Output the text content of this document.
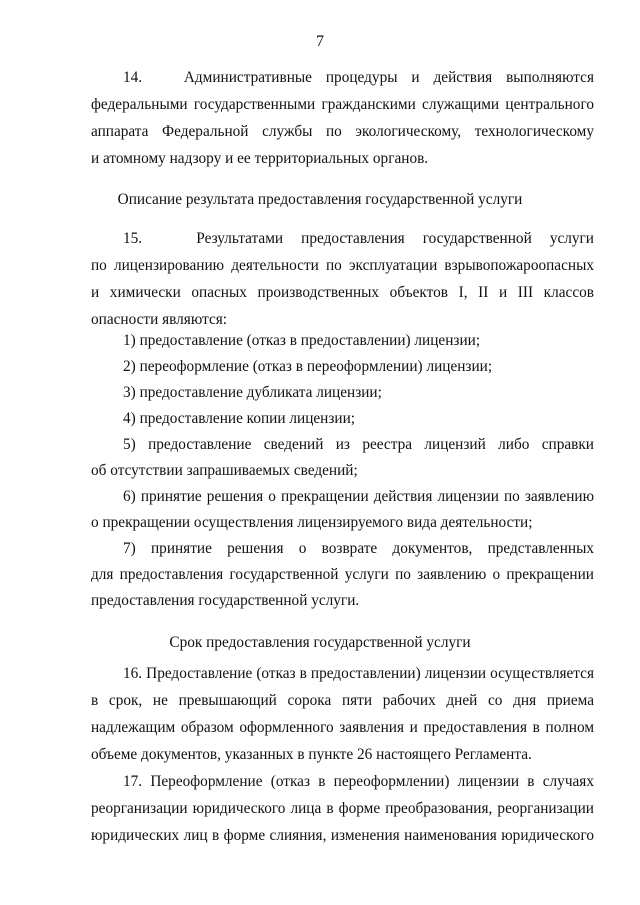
7
14.   Административные процедуры и действия выполняются
федеральными государственными гражданскими служащими центрального
аппарата Федеральной службы по экологическому, технологическому
и атомному надзору и ее территориальных органов.
Описание результата предоставления государственной услуги
15.   Результатами предоставления государственной услуги
по лицензированию деятельности по эксплуатации взрывопожароопасных
и химически опасных производственных объектов I, II и III классов
опасности являются:
1) предоставление (отказ в предоставлении) лицензии;
2) переоформление (отказ в переоформлении) лицензии;
3) предоставление дубликата лицензии;
4) предоставление копии лицензии;
5) предоставление сведений из реестра лицензий либо справки
об отсутствии запрашиваемых сведений;
6) принятие решения о прекращении действия лицензии по заявлению
о прекращении осуществления лицензируемого вида деятельности;
7) принятие решения о возврате документов, представленных
для предоставления государственной услуги по заявлению о прекращении
предоставления государственной услуги.
Срок предоставления государственной услуги
16. Предоставление (отказ в предоставлении) лицензии осуществляется
в срок, не превышающий сорока пяти рабочих дней со дня приема
надлежащим образом оформленного заявления и предоставления в полном
объеме документов, указанных в пункте 26 настоящего Регламента.
17. Переоформление (отказ в переоформлении) лицензии в случаях
реорганизации юридического лица в форме преобразования, реорганизации
юридических лиц в форме слияния, изменения наименования юридического
